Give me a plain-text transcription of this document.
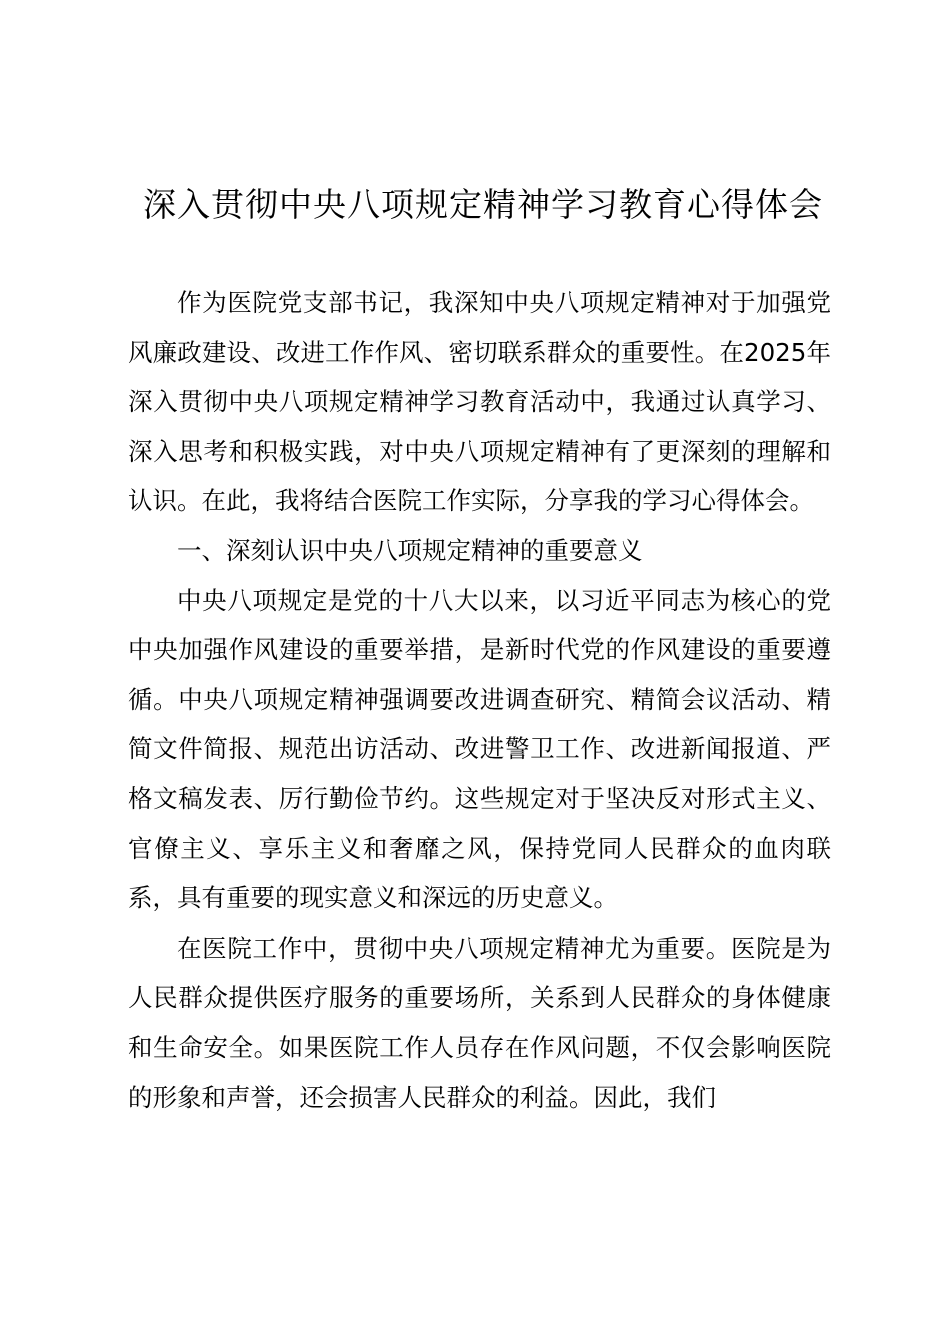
深入贯彻中央八项规定精神学习教育心得体会

作为医院党支部书记，我深知中央八项规定精神对于加强党风廉政建设、改进工作作风、密切联系群众的重要性。在2025年深入贯彻中央八项规定精神学习教育活动中，我通过认真学习、深入思考和积极实践，对中央八项规定精神有了更深刻的理解和认识。在此，我将结合医院工作实际，分享我的学习心得体会。

一、深刻认识中央八项规定精神的重要意义

中央八项规定是党的十八大以来，以习近平同志为核心的党中央加强作风建设的重要举措，是新时代党的作风建设的重要遵循。中央八项规定精神强调要改进调查研究、精简会议活动、精简文件简报、规范出访活动、改进警卫工作、改进新闻报道、严格文稿发表、厉行勤俭节约。这些规定对于坚决反对形式主义、官僚主义、享乐主义和奢靡之风，保持党同人民群众的血肉联系，具有重要的现实意义和深远的历史意义。

在医院工作中，贯彻中央八项规定精神尤为重要。医院是为人民群众提供医疗服务的重要场所，关系到人民群众的身体健康和生命安全。如果医院工作人员存在作风问题，不仅会影响医院的形象和声誉，还会损害人民群众的利益。因此，我们
